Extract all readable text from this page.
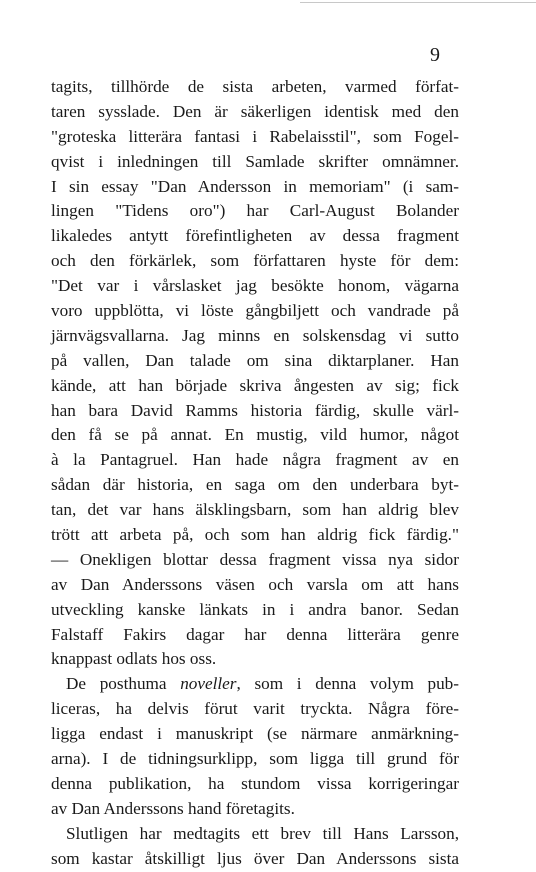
9
tagits, tillhörde de sista arbeten, varmed förfat-
taren sysslade. Den är säkerligen identisk med den
"groteska litterära fantasi i Rabelaisstil", som Fogel-
qvist i inledningen till Samlade skrifter omnämner.
I sin essay "Dan Andersson in memoriam" (i sam-
lingen "Tidens oro") har Carl-August Bolander
likaledes antytt förefintligheten av dessa fragment
och den förkärlek, som författaren hyste för dem:
"Det var i vårslasket jag besökte honom, vägarna
voro uppblötta, vi löste gångbiljett och vandrade på
järnvägsvallarna. Jag minns en solskensdag vi sutto
på vallen, Dan talade om sina diktarplaner. Han
kände, att han började skriva ångesten av sig; fick
han bara David Ramms historia färdig, skulle värl-
den få se på annat. En mustig, vild humor, något
à la Pantagruel. Han hade några fragment av en
sådan där historia, en saga om den underbara byt-
tan, det var hans älsklingsbarn, som han aldrig blev
trött att arbeta på, och som han aldrig fick färdig."
— Onekligen blottar dessa fragment vissa nya sidor
av Dan Anderssons väsen och varsla om att hans
utveckling kanske länkats in i andra banor. Sedan
Falstaff Fakirs dagar har denna litterära genre
knappast odlats hos oss.
De posthuma noveller, som i denna volym pub-
liceras, ha delvis förut varit tryckta. Några före-
ligga endast i manuskript (se närmare anmärkning-
arna). I de tidningsurklipp, som ligga till grund för
denna publikation, ha stundom vissa korrigeringar
av Dan Anderssons hand företagits.
Slutligen har medtagits ett brev till Hans Larsson,
som kastar åtskilligt ljus över Dan Anderssons sista
